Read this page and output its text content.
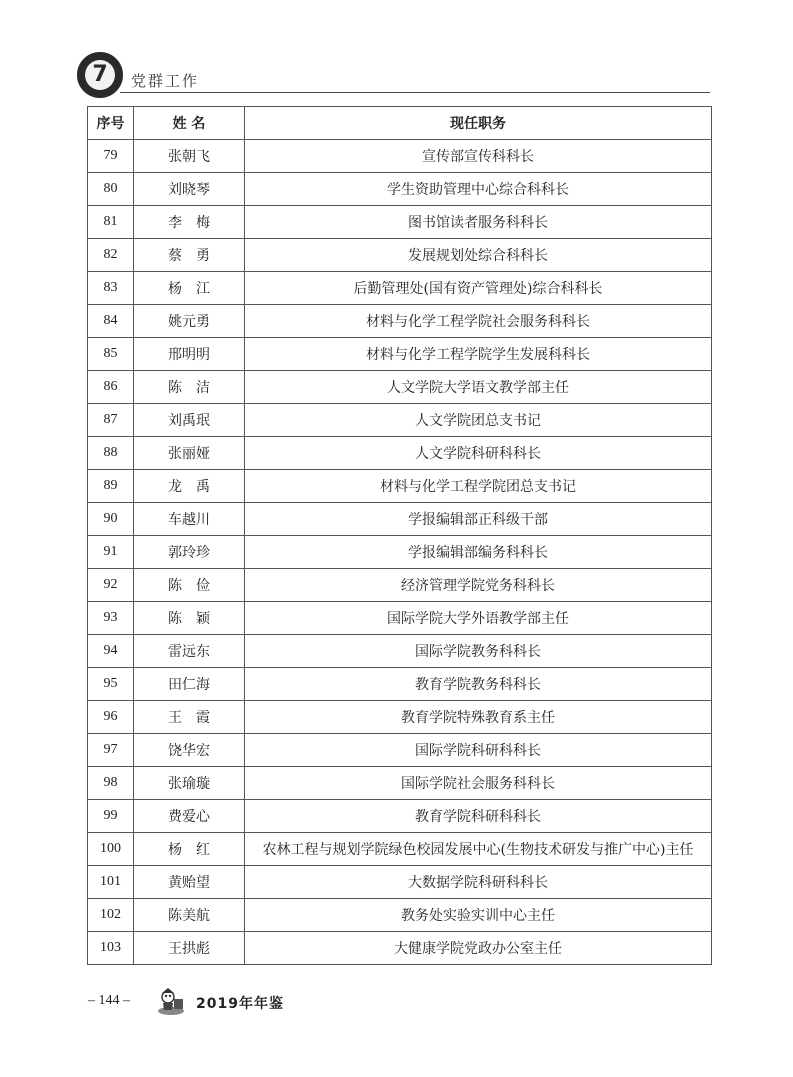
7	党群工作
序号	姓 名	现任职务
79	张朝飞	宣传部宣传科科长
80	刘晓琴	学生资助管理中心综合科科长
81	李　梅	图书馆读者服务科科长
82	蔡　勇	发展规划处综合科科长
83	杨　江	后勤管理处(国有资产管理处)综合科科长
84	姚元勇	材料与化学工程学院社会服务科科长
85	邢明明	材料与化学工程学院学生发展科科长
86	陈　洁	人文学院大学语文教学部主任
87	刘禹珉	人文学院团总支书记
88	张丽娅	人文学院科研科科长
89	龙　禹	材料与化学工程学院团总支书记
90	车越川	学报编辑部正科级干部
91	郭玲珍	学报编辑部编务科科长
92	陈　俭	经济管理学院党务科科长
93	陈　颖	国际学院大学外语教学部主任
94	雷远东	国际学院教务科科长
95	田仁海	教育学院教务科科长
96	王　霞	教育学院特殊教育系主任
97	饶华宏	国际学院科研科科长
98	张瑜璇	国际学院社会服务科科长
99	费爱心	教育学院科研科科长
100	杨　红	农林工程与规划学院绿色校园发展中心(生物技术研发与推广中心)主任
101	黄贻望	大数据学院科研科科长
102	陈美航	教务处实验实训中心主任
103	王拱彪	大健康学院党政办公室主任
– 144 –	2019年年鉴
